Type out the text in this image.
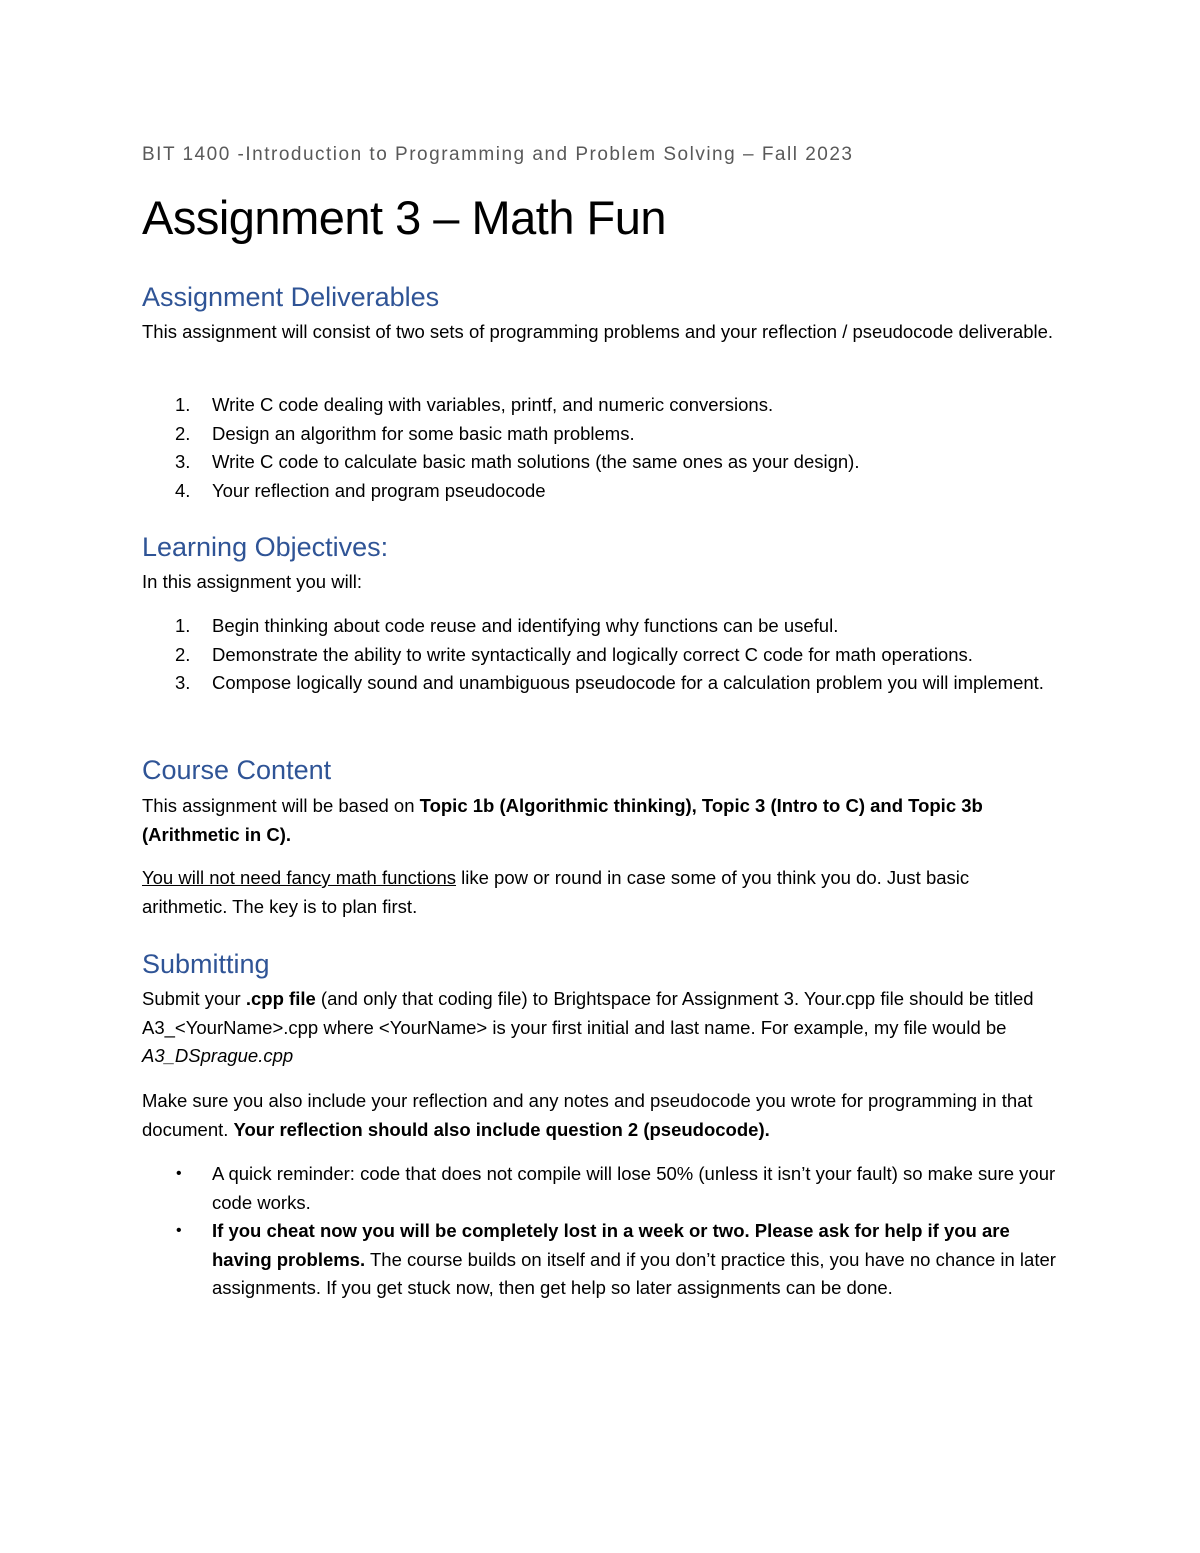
BIT 1400 -Introduction to Programming and Problem Solving – Fall 2023
Assignment 3 – Math Fun
Assignment Deliverables

This assignment will consist of two sets of programming problems and your reflection / pseudocode deliverable.

1. Write C code dealing with variables, printf, and numeric conversions.
2. Design an algorithm for some basic math problems.
3. Write C code to calculate basic math solutions (the same ones as your design).
4. Your reflection and program pseudocode
Learning Objectives:

In this assignment you will:

1. Begin thinking about code reuse and identifying why functions can be useful.
2. Demonstrate the ability to write syntactically and logically correct C code for math operations.
3. Compose logically sound and unambiguous pseudocode for a calculation problem you will implement.
Course Content

This assignment will be based on Topic 1b (Algorithmic thinking), Topic 3 (Intro to C) and Topic 3b (Arithmetic in C).

You will not need fancy math functions like pow or round in case some of you think you do. Just basic arithmetic. The key is to plan first.

Submitting

Submit your .cpp file (and only that coding file) to Brightspace for Assignment 3. Your.cpp file should be titled A3_<YourName>.cpp where <YourName> is your first initial and last name. For example, my file would be A3_DSprague.cpp

Make sure you also include your reflection and any notes and pseudocode you wrote for programming in that document. Your reflection should also include question 2 (pseudocode).

• A quick reminder: code that does not compile will lose 50% (unless it isn’t your fault) so make sure your code works.
• If you cheat now you will be completely lost in a week or two. Please ask for help if you are having problems. The course builds on itself and if you don’t practice this, you have no chance in later assignments. If you get stuck now, then get help so later assignments can be done.
